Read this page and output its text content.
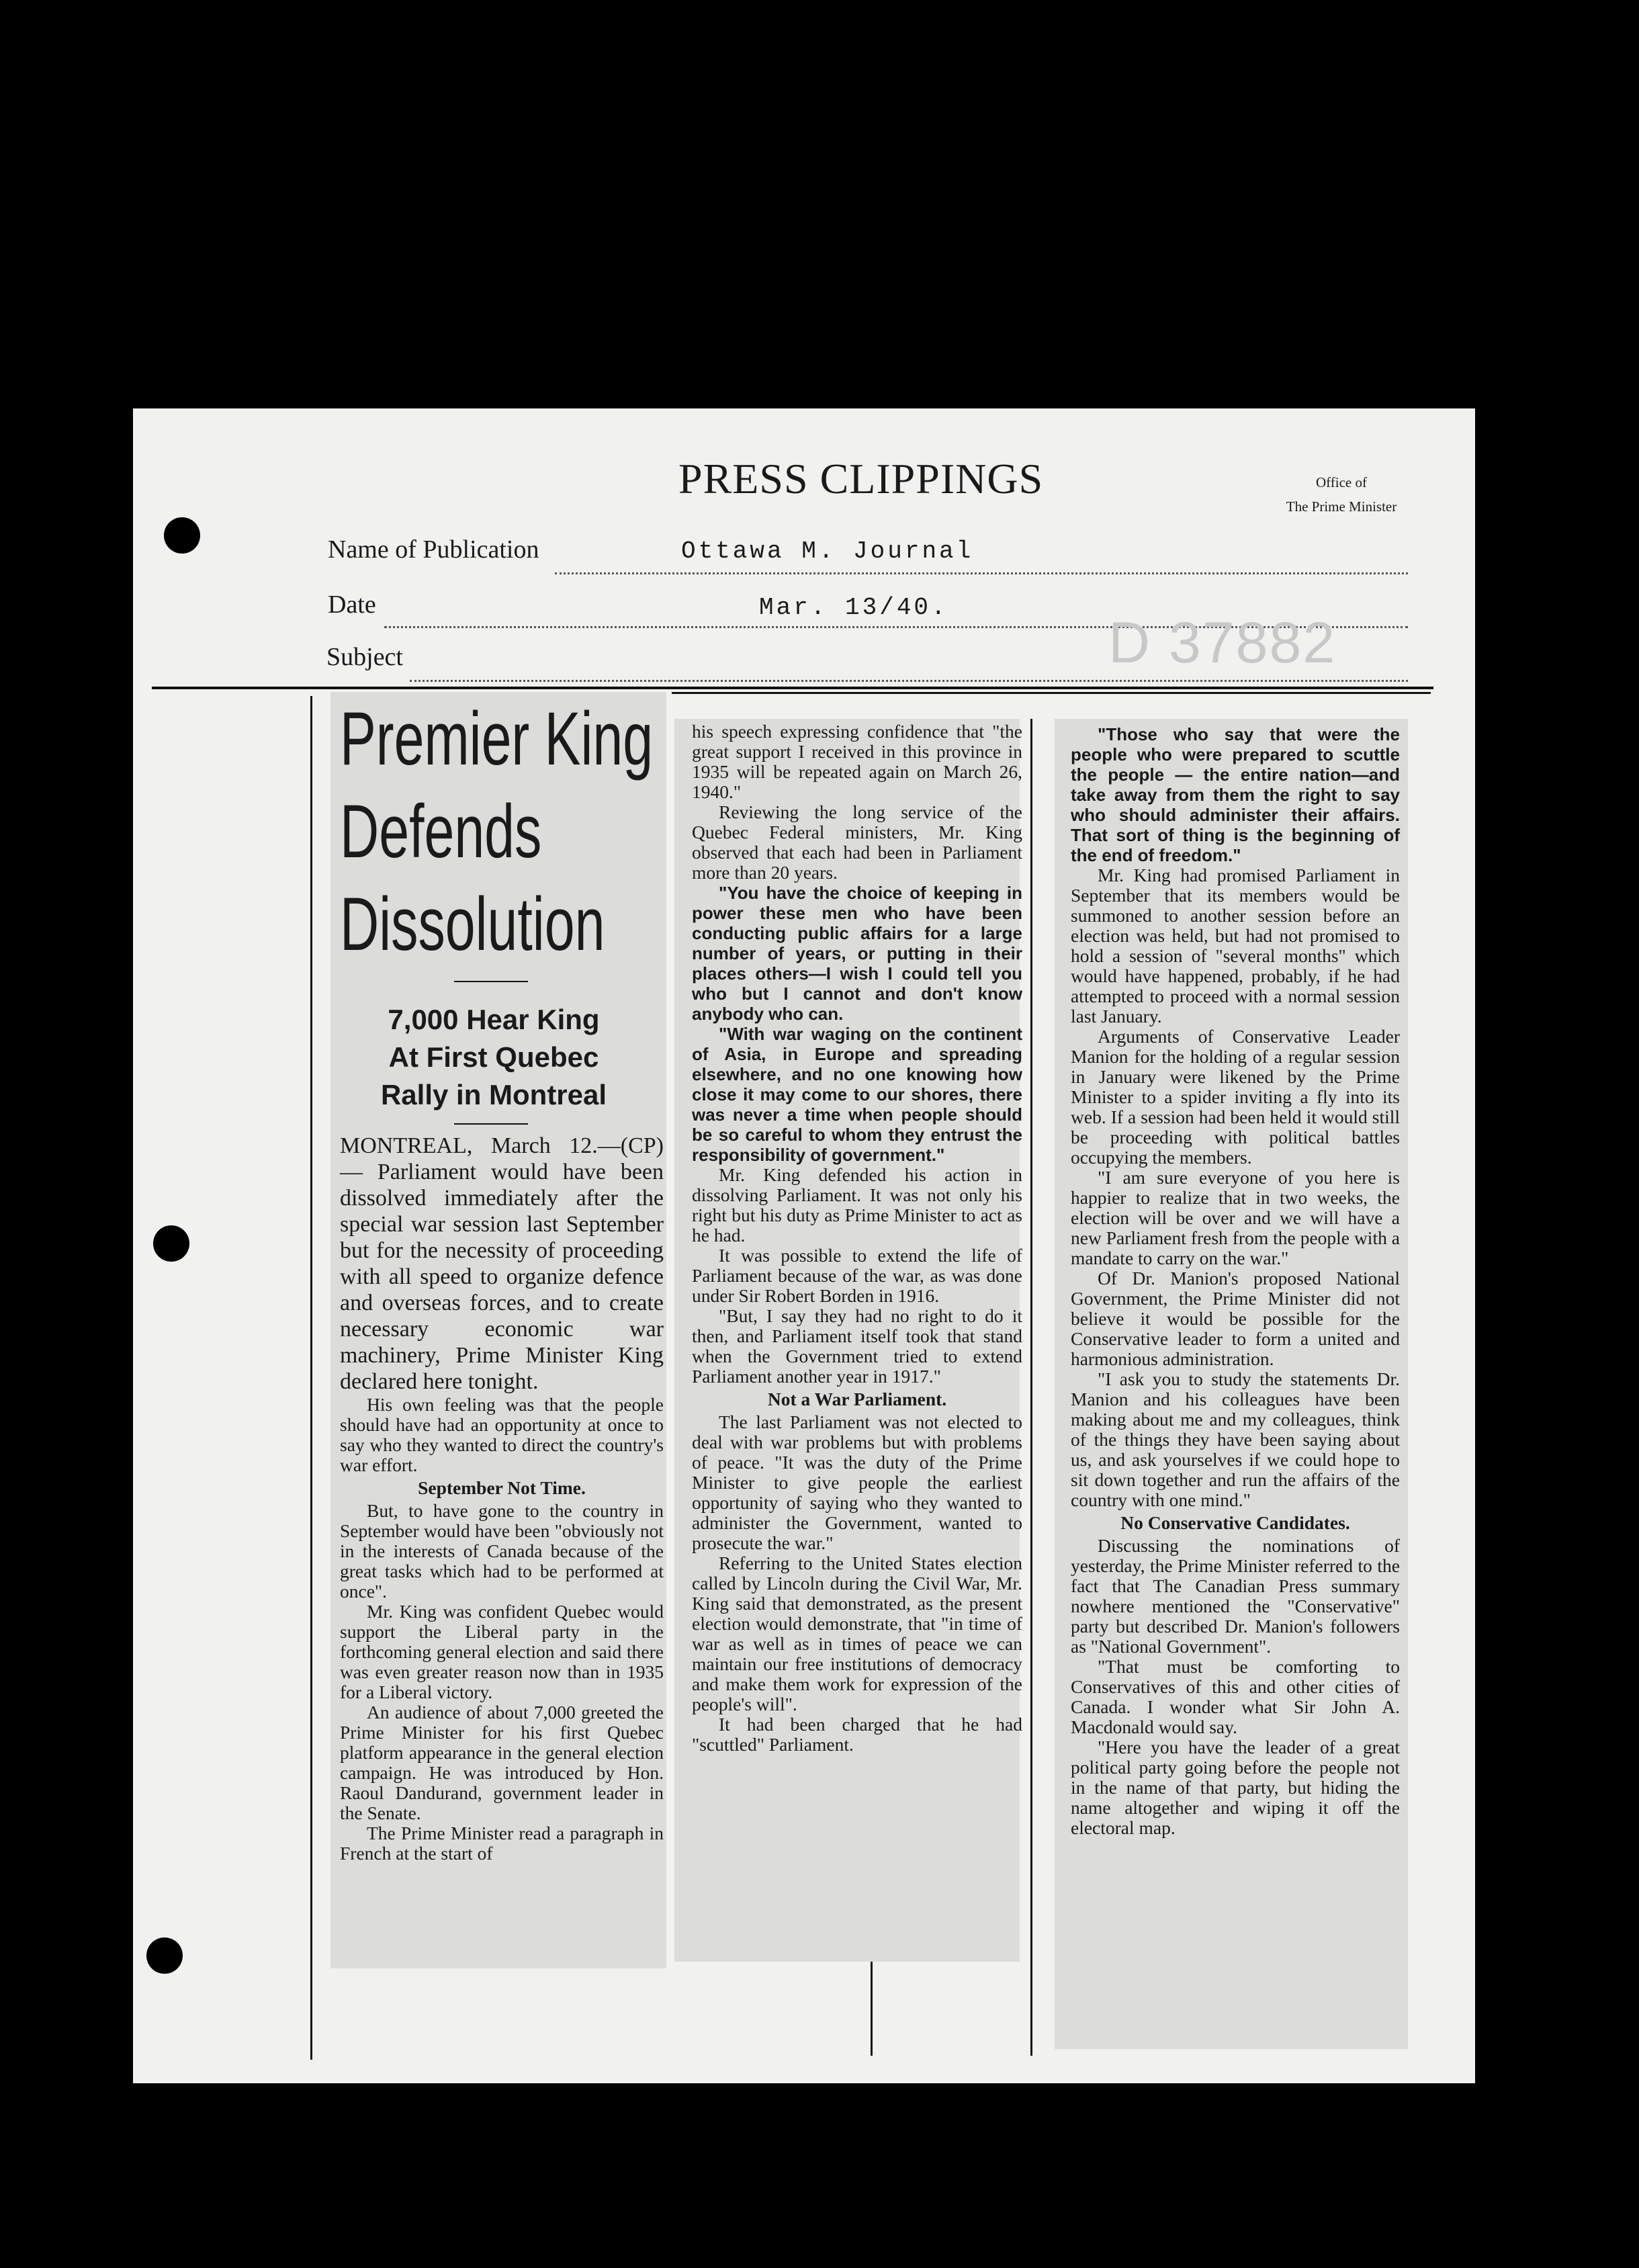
PRESS CLIPPINGS	Office of
The Prime Minister
Name of Publication	Ottawa M. Journal
Date	Mar. 13/40.
D 37882
Subject
Premier King
Defends
Dissolution
7,000 Hear King
At First Quebec
Rally in Montreal

MONTREAL, March 12.—(CP) — Parliament would have been dissolved immediately after the special war session last September but for the necessity of proceeding with all speed to organize defence and overseas forces, and to create necessary economic war machinery, Prime Minister King declared here tonight.

His own feeling was that the people should have had an opportunity at once to say who they wanted to direct the country's war effort.

September Not Time.

But, to have gone to the country in September would have been "obviously not in the interests of Canada because of the great tasks which had to be performed at once".

Mr. King was confident Quebec would support the Liberal party in the forthcoming general election and said there was even greater reason now than in 1935 for a Liberal victory.

An audience of about 7,000 greeted the Prime Minister for his first Quebec platform appearance in the general election campaign. He was introduced by Hon. Raoul Dandurand, government leader in the Senate.

The Prime Minister read a paragraph in French at the start of

his speech expressing confidence that "the great support I received in this province in 1935 will be repeated again on March 26, 1940."

Reviewing the long service of the Quebec Federal ministers, Mr. King observed that each had been in Parliament more than 20 years.

"You have the choice of keeping in power these men who have been conducting public affairs for a large number of years, or putting in their places others—I wish I could tell you who but I cannot and don't know anybody who can.

"With war waging on the continent of Asia, in Europe and spreading elsewhere, and no one knowing how close it may come to our shores, there was never a time when people should be so careful to whom they entrust the responsibility of government."

Mr. King defended his action in dissolving Parliament. It was not only his right but his duty as Prime Minister to act as he had.

It was possible to extend the life of Parliament because of the war, as was done under Sir Robert Borden in 1916.

"But, I say they had no right to do it then, and Parliament itself took that stand when the Government tried to extend Parliament another year in 1917."

Not a War Parliament.

The last Parliament was not elected to deal with war problems but with problems of peace. "It was the duty of the Prime Minister to give people the earliest opportunity of saying who they wanted to administer the Government, wanted to prosecute the war."

Referring to the United States election called by Lincoln during the Civil War, Mr. King said that demonstrated, as the present election would demonstrate, that "in time of war as well as in times of peace we can maintain our free institutions of democracy and make them work for expression of the people's will".

It had been charged that he had "scuttled" Parliament.

"Those who say that were the people who were prepared to scuttle the people — the entire nation—and take away from them the right to say who should administer their affairs. That sort of thing is the beginning of the end of freedom."

Mr. King had promised Parliament in September that its members would be summoned to another session before an election was held, but had not promised to hold a session of "several months" which would have happened, probably, if he had attempted to proceed with a normal session last January.

Arguments of Conservative Leader Manion for the holding of a regular session in January were likened by the Prime Minister to a spider inviting a fly into its web. If a session had been held it would still be proceeding with political battles occupying the members.

"I am sure everyone of you here is happier to realize that in two weeks, the election will be over and we will have a new Parliament fresh from the people with a mandate to carry on the war."

Of Dr. Manion's proposed National Government, the Prime Minister did not believe it would be possible for the Conservative leader to form a united and harmonious administration.

"I ask you to study the statements Dr. Manion and his colleagues have been making about me and my colleagues, think of the things they have been saying about us, and ask yourselves if we could hope to sit down together and run the affairs of the country with one mind."

No Conservative Candidates.

Discussing the nominations of yesterday, the Prime Minister referred to the fact that The Canadian Press summary nowhere mentioned the "Conservative" party but described Dr. Manion's followers as "National Government".

"That must be comforting to Conservatives of this and other cities of Canada. I wonder what Sir John A. Macdonald would say.

"Here you have the leader of a great political party going before the people not in the name of that party, but hiding the name altogether and wiping it off the electoral map.
